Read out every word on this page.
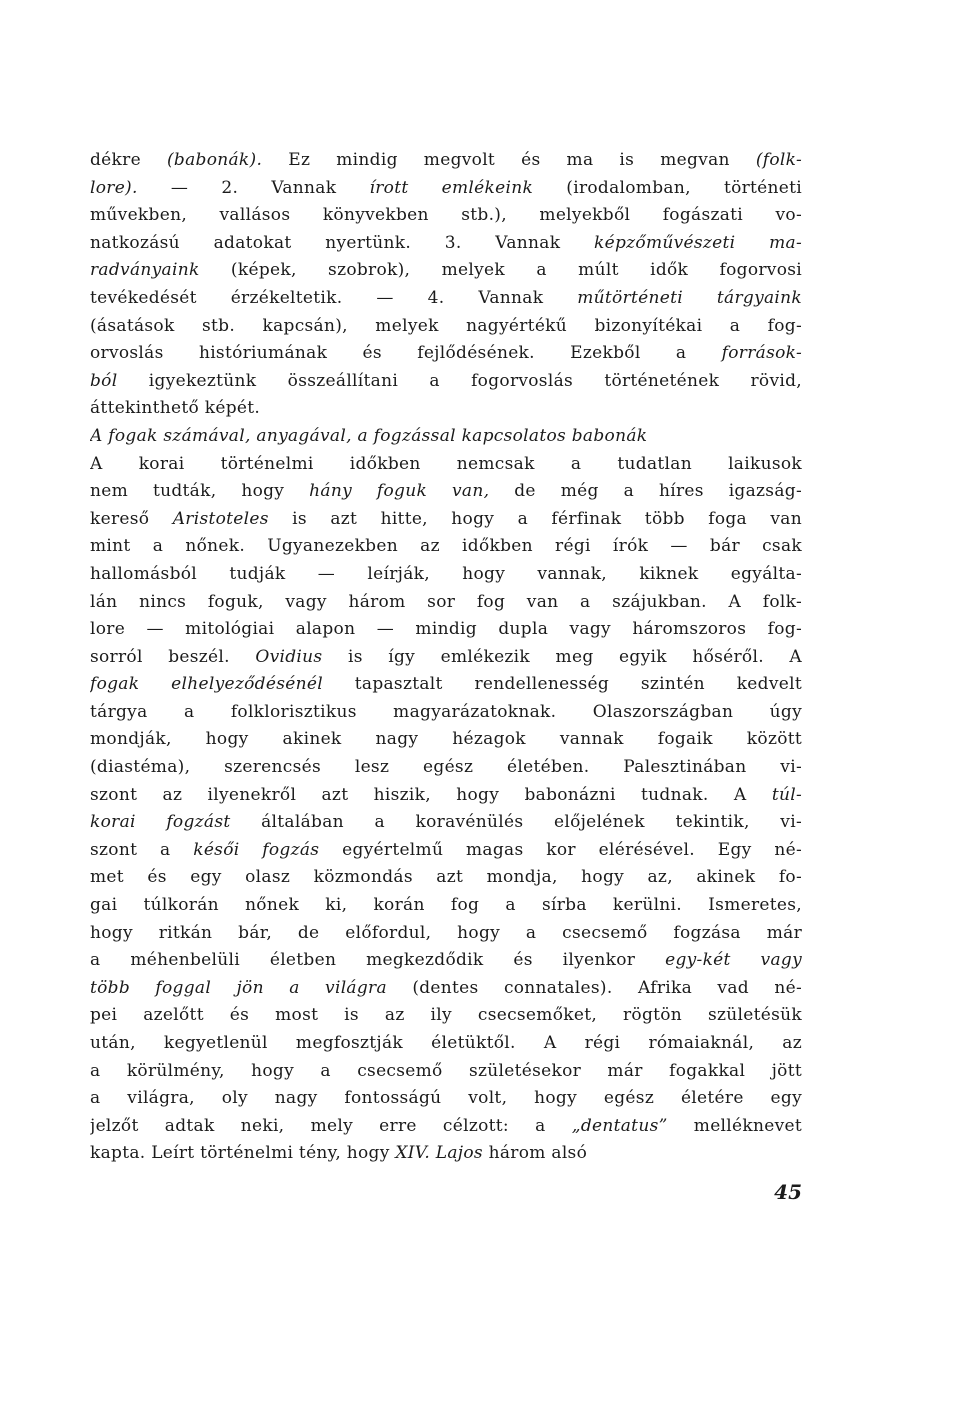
dékre (babonák). Ez mindig megvolt és ma is megvan (folk-
lore). — 2. Vannak írott emlékeink (irodalomban, történeti
művekben, vallásos könyvekben stb.), melyekből fogászati vo-
natkozású adatokat nyertünk. 3. Vannak képzőművészeti ma-
radványaink (képek, szobrok), melyek a múlt idők fogorvosi
tevékedését érzékeltetik. — 4. Vannak műtörténeti tárgyaink
(ásatások stb. kapcsán), melyek nagyértékű bizonyítékai a fog-
orvoslás históriumának és fejlődésének. Ezekből a források-
ból igyekeztünk összeállítani a fogorvoslás történetének rövid,
áttekinthető képét.
A fogak számával, anyagával, a fogzással kapcsolatos babonák
A korai történelmi időkben nemcsak a tudatlan laikusok
nem tudták, hogy hány foguk van, de még a híres igazság-
kereső Aristoteles is azt hitte, hogy a férfinak több foga van
mint a nőnek. Ugyanezekben az időkben régi írók — bár csak
hallomásból tudják — leírják, hogy vannak, kiknek egyálta-
lán nincs foguk, vagy három sor fog van a szájukban. A folk-
lore — mitológiai alapon — mindig dupla vagy háromszoros fog-
sorról beszél. Ovidius is így emlékezik meg egyik hőséről. A
fogak elhelyeződésénél tapasztalt rendellenesség szintén kedvelt
tárgya a folklorisztikus magyarázatoknak. Olaszországban úgy
mondják, hogy akinek nagy hézagok vannak fogaik között
(diastéma), szerencsés lesz egész életében. Palesztinában vi-
szont az ilyenekről azt hiszik, hogy babonázni tudnak. A túl-
korai fogzást általában a koravénülés előjelének tekintik, vi-
szont a késői fogzás egyértelmű magas kor elérésével. Egy né-
met és egy olasz közmondás azt mondja, hogy az, akinek fo-
gai túlkorán nőnek ki, korán fog a sírba kerülni. Ismeretes,
hogy ritkán bár, de előfordul, hogy a csecsemő fogzása már
a méhenbelüli életben megkezdődik és ilyenkor egy-két vagy
több foggal jön a világra (dentes connatales). Afrika vad né-
pei azelőtt és most is az ily csecsemőket, rögtön születésük
után, kegyetlenül megfosztják életüktől. A régi rómaiaknál, az
a körülmény, hogy a csecsemő születésekor már fogakkal jött
a világra, oly nagy fontosságú volt, hogy egész életére egy
jelzőt adtak neki, mely erre célzott: a „dentatus” melléknevet
kapta. Leírt történelmi tény, hogy XIV. Lajos három alsó
45
